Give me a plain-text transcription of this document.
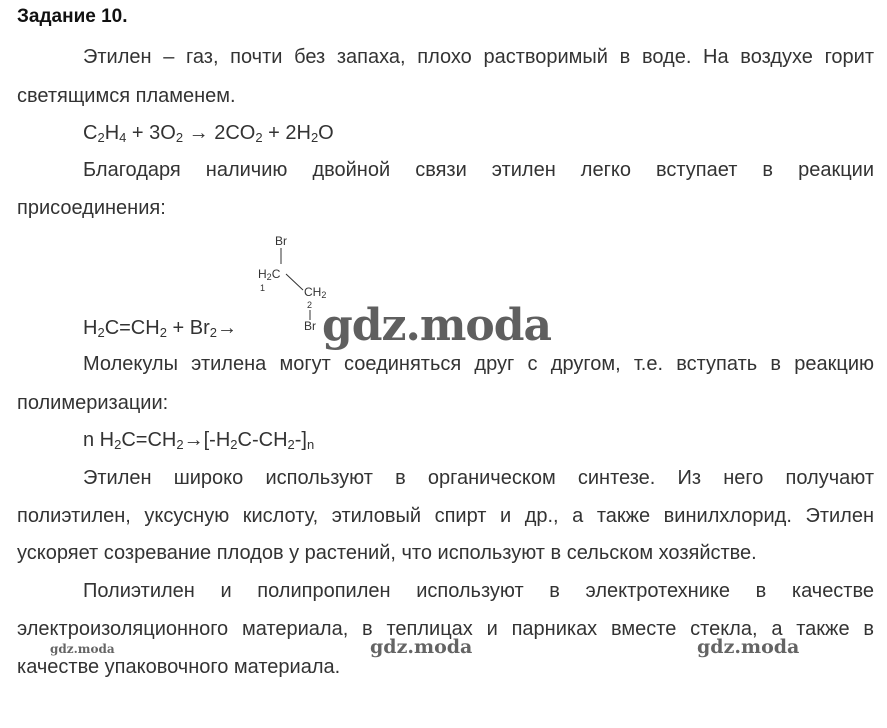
Задание 10.
Этилен – газ, почти без запаха, плохо растворимый в воде. На воздухе горит
светящимся пламенем.
$C_2H_4 + 3O_2 \to 2CO_2 + 2H_2O$
Благодаря наличию двойной связи этилен легко вступает в реакции
присоединения:
Br
$H_2C$
1	$CH_2$
2
Br
$H_2C=CH_2 + Br_2\to$ gdz.moda
Молекулы этилена могут соединяться друг с другом, т.е. вступать в реакцию
полимеризации:
n $H_2C=CH_2\to[-H_2C-CH_2-]_n$
Этилен широко используют в органическом синтезе. Из него получают
полиэтилен, уксусную кислоту, этиловый спирт и др., а также винилхлорид. Этилен
ускоряет созревание плодов у растений, что используют в сельском хозяйстве.
Полиэтилен и полипропилен используют в электротехнике в качестве
электроизоляционного материала, в теплицах и парниках вместе стекла, а также в
качестве упаковочного материала.
gdz.moda	gdz.moda	gdz.moda
